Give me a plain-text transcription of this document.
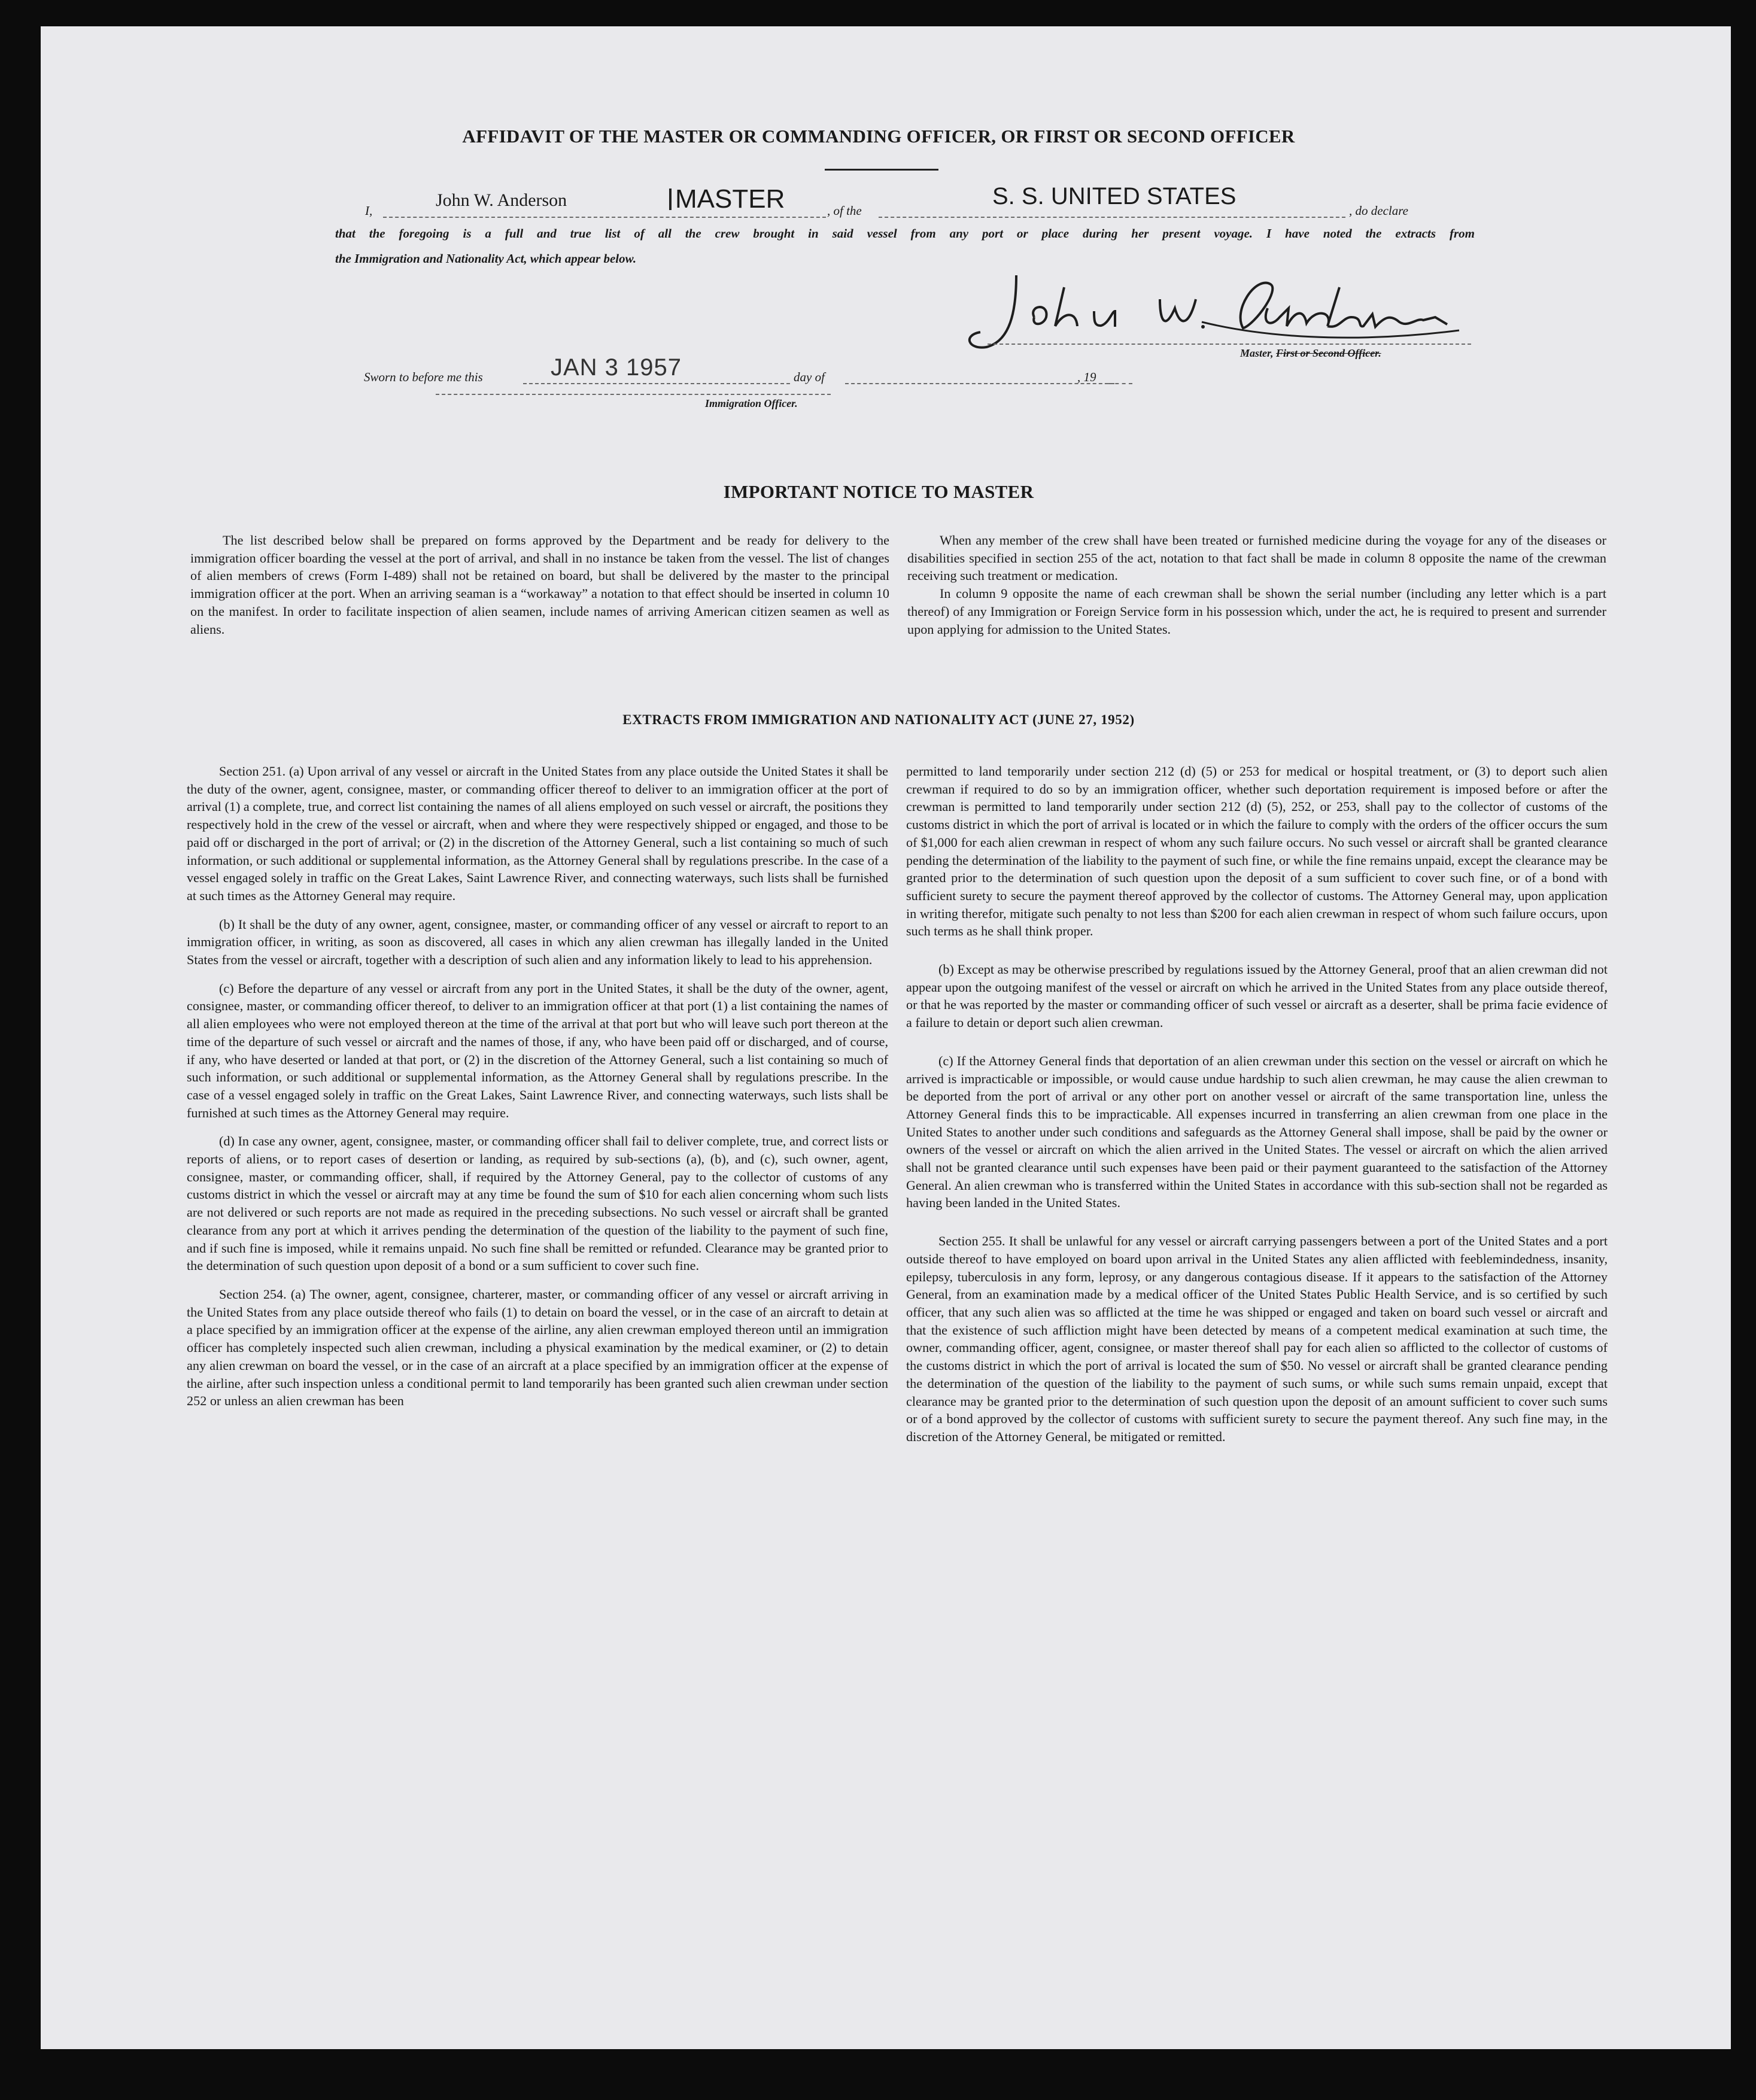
AFFIDAVIT OF THE MASTER OR COMMANDING OFFICER, OR FIRST OR SECOND OFFICER
I,
John W. Anderson	MASTER	, of the
S. S. UNITED STATES
, do declare
that the foregoing is a full and true list of all the crew brought in said vessel from any port or place during her present voyage. I have noted the extracts from
the Immigration and Nationality Act, which appear below.
Master, First or Second Officer.
Sworn to before me this	JAN 3 1957	day of	, 19
Immigration Officer.
IMPORTANT NOTICE TO MASTER

The list described below shall be prepared on forms approved by the Department and be ready for delivery to the immigration officer boarding the vessel at the port of arrival, and shall in no instance be taken from the vessel. The list of changes of alien members of crews (Form I-489) shall not be retained on board, but shall be delivered by the master to the principal immigration officer at the port. When an arriving seaman is a “workaway” a notation to that effect should be inserted in column 10 on the manifest. In order to facilitate inspection of alien seamen, include names of arriving American citizen seamen as well as aliens.

When any member of the crew shall have been treated or furnished medicine during the voyage for any of the diseases or disabilities specified in section 255 of the act, notation to that fact shall be made in column 8 opposite the name of the crewman receiving such treatment or medication.

In column 9 opposite the name of each crewman shall be shown the serial number (including any letter which is a part thereof) of any Immigration or Foreign Service form in his possession which, under the act, he is required to present and surrender upon applying for admission to the United States.

EXTRACTS FROM IMMIGRATION AND NATIONALITY ACT (JUNE 27, 1952)

Section 251. (a) Upon arrival of any vessel or aircraft in the United States from any place outside the United States it shall be the duty of the owner, agent, consignee, master, or commanding officer thereof to deliver to an immigration officer at the port of arrival (1) a complete, true, and correct list containing the names of all aliens employed on such vessel or aircraft, the positions they respectively hold in the crew of the vessel or aircraft, when and where they were respectively shipped or engaged, and those to be paid off or discharged in the port of arrival; or (2) in the discretion of the Attorney General, such a list containing so much of such information, or such additional or supplemental information, as the Attorney General shall by regulations prescribe. In the case of a vessel engaged solely in traffic on the Great Lakes, Saint Lawrence River, and connecting waterways, such lists shall be furnished at such times as the Attorney General may require.

(b) It shall be the duty of any owner, agent, consignee, master, or commanding officer of any vessel or aircraft to report to an immigration officer, in writing, as soon as discovered, all cases in which any alien crewman has illegally landed in the United States from the vessel or aircraft, together with a description of such alien and any information likely to lead to his apprehension.

(c) Before the departure of any vessel or aircraft from any port in the United States, it shall be the duty of the owner, agent, consignee, master, or commanding officer thereof, to deliver to an immigration officer at that port (1) a list containing the names of all alien employees who were not employed thereon at the time of the arrival at that port but who will leave such port thereon at the time of the departure of such vessel or aircraft and the names of those, if any, who have been paid off or discharged, and of course, if any, who have deserted or landed at that port, or (2) in the discretion of the Attorney General, such a list containing so much of such information, or such additional or supplemental information, as the Attorney General shall by regulations prescribe. In the case of a vessel engaged solely in traffic on the Great Lakes, Saint Lawrence River, and connecting waterways, such lists shall be furnished at such times as the Attorney General may require.

(d) In case any owner, agent, consignee, master, or commanding officer shall fail to deliver complete, true, and correct lists or reports of aliens, or to report cases of desertion or landing, as required by sub-sections (a), (b), and (c), such owner, agent, consignee, master, or commanding officer, shall, if required by the Attorney General, pay to the collector of customs of any customs district in which the vessel or aircraft may at any time be found the sum of $10 for each alien concerning whom such lists are not delivered or such reports are not made as required in the preceding subsections. No such vessel or aircraft shall be granted clearance from any port at which it arrives pending the determination of the question of the liability to the payment of such fine, and if such fine is imposed, while it remains unpaid. No such fine shall be remitted or refunded. Clearance may be granted prior to the determination of such question upon deposit of a bond or a sum sufficient to cover such fine.

Section 254. (a) The owner, agent, consignee, charterer, master, or commanding officer of any vessel or aircraft arriving in the United States from any place outside thereof who fails (1) to detain on board the vessel, or in the case of an aircraft to detain at a place specified by an immigration officer at the expense of the airline, any alien crewman employed thereon until an immigration officer has completely inspected such alien crewman, including a physical examination by the medical examiner, or (2) to detain any alien crewman on board the vessel, or in the case of an aircraft at a place specified by an immigration officer at the expense of the airline, after such inspection unless a conditional permit to land temporarily has been granted such alien crewman under section 252 or unless an alien crewman has been

permitted to land temporarily under section 212 (d) (5) or 253 for medical or hospital treatment, or (3) to deport such alien crewman if required to do so by an immigration officer, whether such deportation requirement is imposed before or after the crewman is permitted to land temporarily under section 212 (d) (5), 252, or 253, shall pay to the collector of customs of the customs district in which the port of arrival is located or in which the failure to comply with the orders of the officer occurs the sum of $1,000 for each alien crewman in respect of whom any such failure occurs. No such vessel or aircraft shall be granted clearance pending the determination of the liability to the payment of such fine, or while the fine remains unpaid, except the clearance may be granted prior to the determination of such question upon the deposit of a sum sufficient to cover such fine, or of a bond with sufficient surety to secure the payment thereof approved by the collector of customs. The Attorney General may, upon application in writing therefor, mitigate such penalty to not less than $200 for each alien crewman in respect of whom such failure occurs, upon such terms as he shall think proper.

(b) Except as may be otherwise prescribed by regulations issued by the Attorney General, proof that an alien crewman did not appear upon the outgoing manifest of the vessel or aircraft on which he arrived in the United States from any place outside thereof, or that he was reported by the master or commanding officer of such vessel or aircraft as a deserter, shall be prima facie evidence of a failure to detain or deport such alien crewman.

(c) If the Attorney General finds that deportation of an alien crewman under this section on the vessel or aircraft on which he arrived is impracticable or impossible, or would cause undue hardship to such alien crewman, he may cause the alien crewman to be deported from the port of arrival or any other port on another vessel or aircraft of the same transportation line, unless the Attorney General finds this to be impracticable. All expenses incurred in transferring an alien crewman from one place in the United States to another under such conditions and safeguards as the Attorney General shall impose, shall be paid by the owner or owners of the vessel or aircraft on which the alien arrived in the United States. The vessel or aircraft on which the alien arrived shall not be granted clearance until such expenses have been paid or their payment guaranteed to the satisfaction of the Attorney General. An alien crewman who is transferred within the United States in accordance with this sub-section shall not be regarded as having been landed in the United States.

Section 255. It shall be unlawful for any vessel or aircraft carrying passengers between a port of the United States and a port outside thereof to have employed on board upon arrival in the United States any alien afflicted with feeblemindedness, insanity, epilepsy, tuberculosis in any form, leprosy, or any dangerous contagious disease. If it appears to the satisfaction of the Attorney General, from an examination made by a medical officer of the United States Public Health Service, and is so certified by such officer, that any such alien was so afflicted at the time he was shipped or engaged and taken on board such vessel or aircraft and that the existence of such affliction might have been detected by means of a competent medical examination at such time, the owner, commanding officer, agent, consignee, or master thereof shall pay for each alien so afflicted to the collector of customs of the customs district in which the port of arrival is located the sum of $50. No vessel or aircraft shall be granted clearance pending the determination of the question of the liability to the payment of such sums, or while such sums remain unpaid, except that clearance may be granted prior to the determination of such question upon the deposit of an amount sufficient to cover such sums or of a bond approved by the collector of customs with sufficient surety to secure the payment thereof. Any such fine may, in the discretion of the Attorney General, be mitigated or remitted.
